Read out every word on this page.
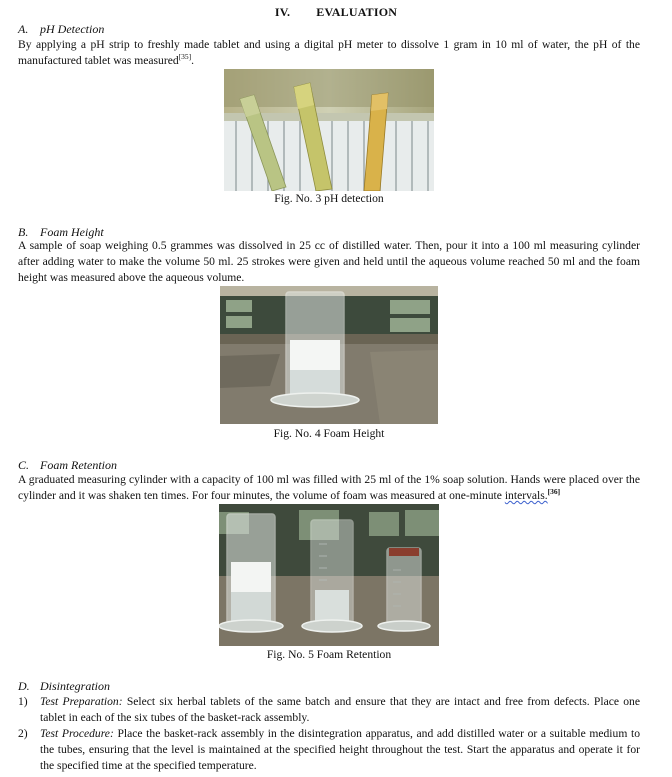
IV. EVALUATION
A. pH Detection
By applying a pH strip to freshly made tablet and using a digital pH meter to dissolve 1 gram in 10 ml of water, the pH of the manufactured tablet was measured[35].
Fig. No. 3 pH detection
B. Foam Height
A sample of soap weighing 0.5 grammes was dissolved in 25 cc of distilled water. Then, pour it into a 100 ml measuring cylinder after adding water to make the volume 50 ml. 25 strokes were given and held until the aqueous volume reached 50 ml and the foam height was measured above the aqueous volume.
Fig. No. 4 Foam Height
C. Foam Retention
A graduated measuring cylinder with a capacity of 100 ml was filled with 25 ml of the 1% soap solution. Hands were placed over the cylinder and it was shaken ten times. For four minutes, the volume of foam was measured at one-minute intervals.[36]
Fig. No. 5 Foam Retention
D. Disintegration
1)	Test Preparation: Select six herbal tablets of the same batch and ensure that they are intact and free from defects. Place one tablet in each of the six tubes of the basket-rack assembly.
2)	Test Procedure: Place the basket-rack assembly in the disintegration apparatus, and add distilled water or a suitable medium to the tubes, ensuring that the level is maintained at the specified height throughout the test. Start the apparatus and operate it for the specified time at the specified temperature.
